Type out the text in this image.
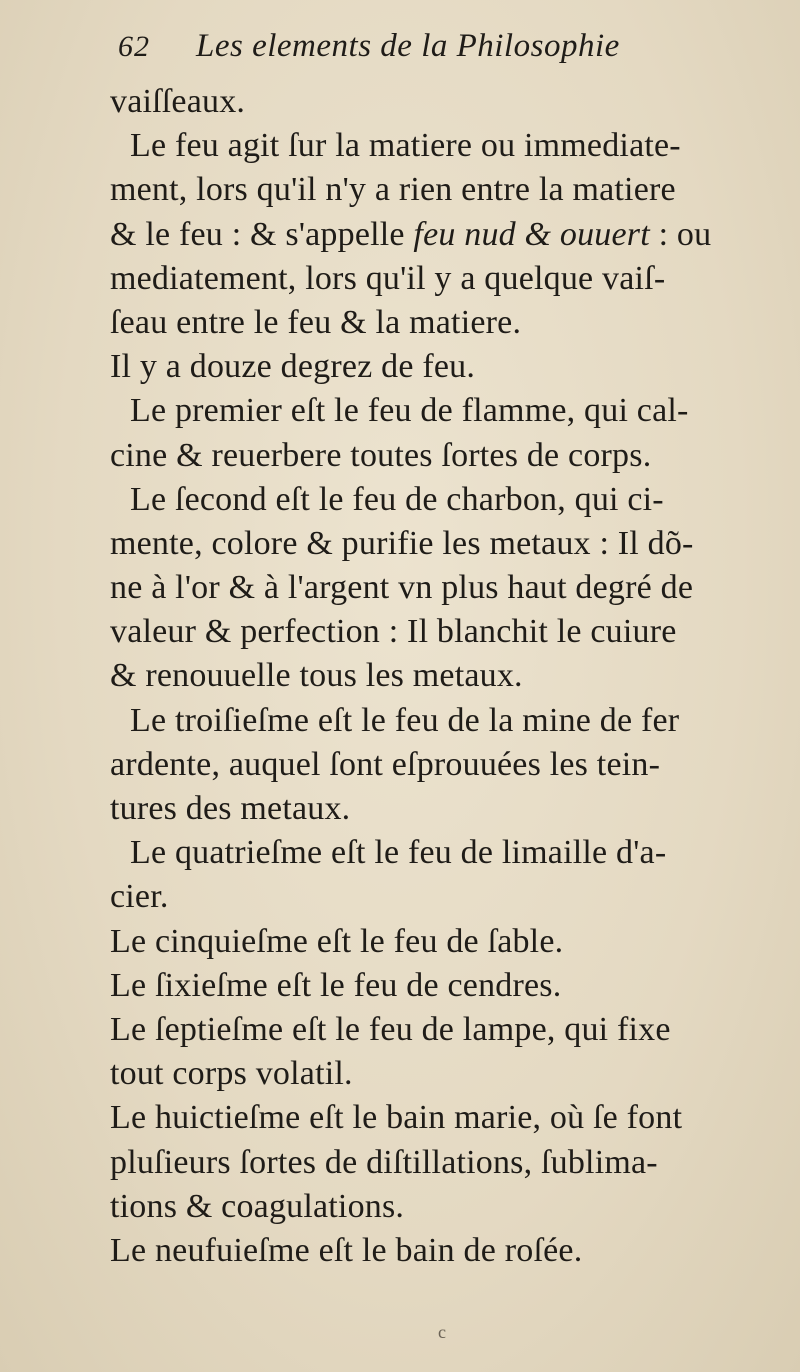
62	Les elements de la Philosophie
vaiſſeaux.
Le feu agit ſur la matiere ou immediate-
ment, lors qu'il n'y a rien entre la matiere
& le feu : & s'appelle feu nud & ouuert : ou
mediatement, lors qu'il y a quelque vaiſ-
ſeau entre le feu & la matiere.
Il y a douze degrez de feu.
Le premier eſt le feu de flamme, qui cal-
cine & reuerbere toutes ſortes de corps.
Le ſecond eſt le feu de charbon, qui ci-
mente, colore & purifie les metaux : Il dõ-
ne à l'or & à l'argent vn plus haut degré de
valeur & perfection : Il blanchit le cuiure
& renouuelle tous les metaux.
Le troiſieſme eſt le feu de la mine de fer
ardente, auquel ſont eſprouuées les tein-
tures des metaux.
Le quatrieſme eſt le feu de limaille d'a-
cier.
Le cinquieſme eſt le feu de ſable.
Le ſixieſme eſt le feu de cendres.
Le ſeptieſme eſt le feu de lampe, qui fixe
tout corps volatil.
Le huictieſme eſt le bain marie, où ſe font
pluſieurs ſortes de diſtillations, ſublima-
tions & coagulations.
Le neufuieſme eſt le bain de roſée.
c
